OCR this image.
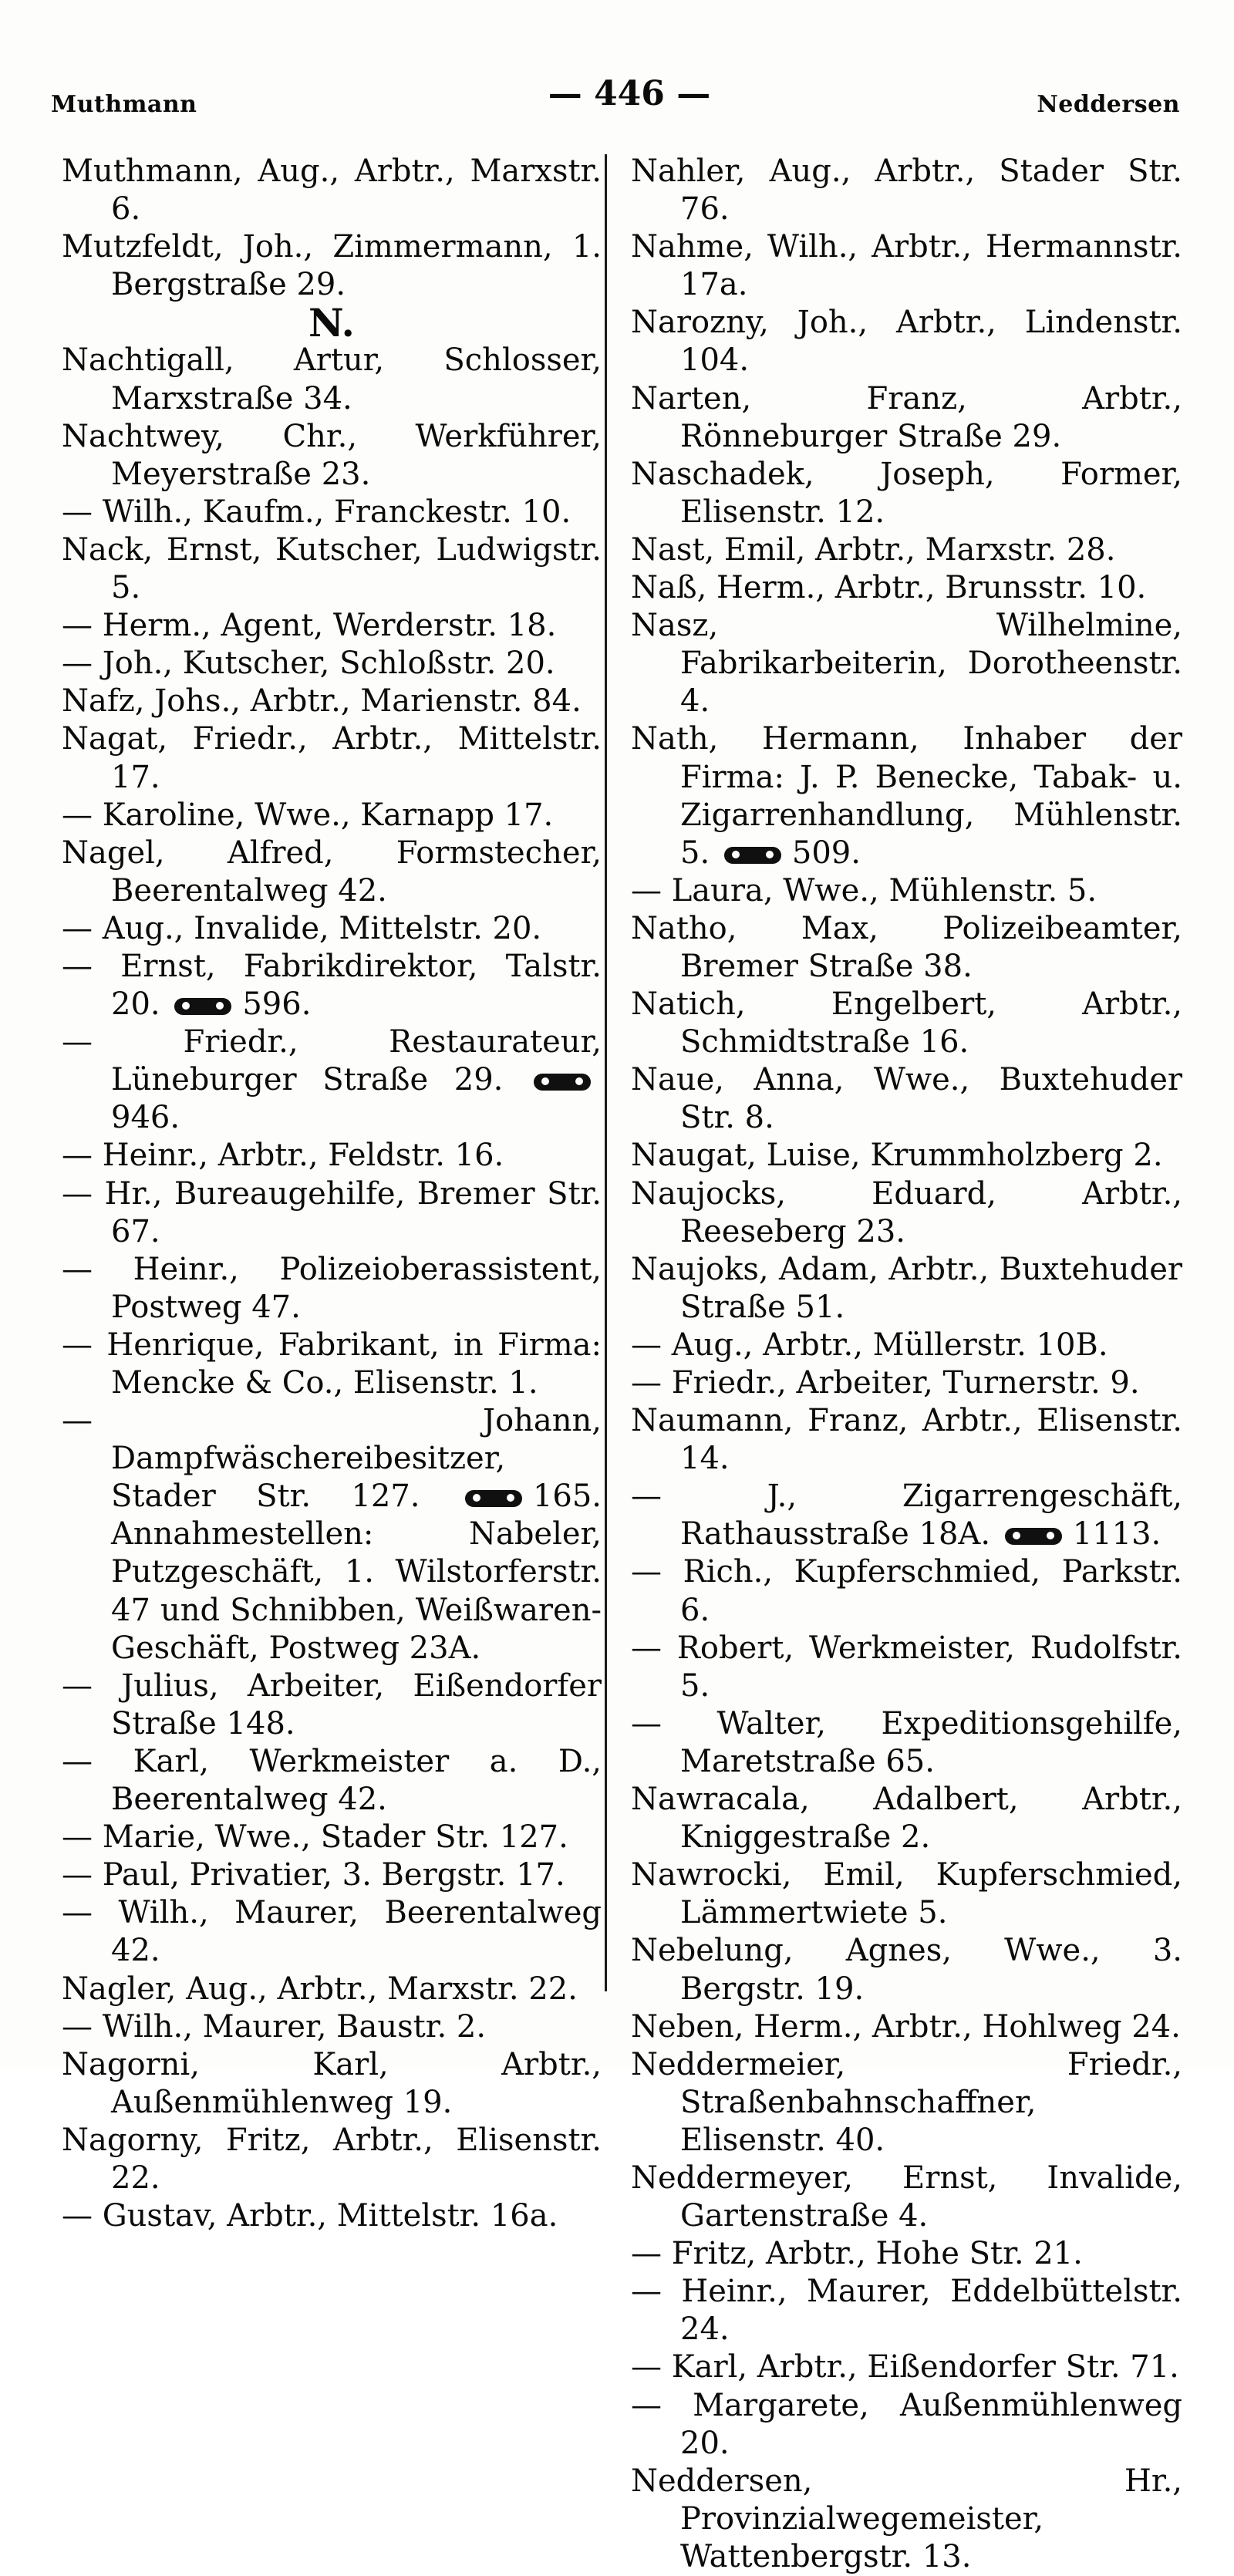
Muthmann	— 446 —	Neddersen
Muthmann, Aug., Arbtr., Marxstr. 6.
Mutzfeldt, Joh., Zimmermann, 1. Bergstraße 29.
N.
Nachtigall, Artur, Schlosser, Marxstraße 34.
Nachtwey, Chr., Werkführer, Meyerstraße 23.
— Wilh., Kaufm., Franckestr. 10.
Nack, Ernst, Kutscher, Ludwigstr. 5.
— Herm., Agent, Werderstr. 18.
— Joh., Kutscher, Schloßstr. 20.
Nafz, Johs., Arbtr., Marienstr. 84.
Nagat, Friedr., Arbtr., Mittelstr. 17.
— Karoline, Wwe., Karnapp 17.
Nagel, Alfred, Formstecher, Beerentalweg 42.
— Aug., Invalide, Mittelstr. 20.
— Ernst, Fabrikdirektor, Talstr. 20.	596.
— Friedr., Restaurateur, Lüneburger Straße 29. 946.
— Heinr., Arbtr., Feldstr. 16.
— Hr., Bureaugehilfe, Bremer Str. 67.
— Heinr., Polizeioberassistent, Postweg 47.
— Henrique, Fabrikant, in Firma: Mencke & Co., Elisenstr. 1.
— Johann, Dampfwäschereibesitzer, Stader Str. 127.	165. Annahmestellen: Nabeler, Putzgeschäft, 1. Wilstorferstr. 47 und Schnibben, Weißwaren-Geschäft, Postweg 23A.
— Julius, Arbeiter, Eißendorfer Straße 148.
— Karl, Werkmeister a. D., Beerentalweg 42.
— Marie, Wwe., Stader Str. 127.
— Paul, Privatier, 3. Bergstr. 17.
— Wilh., Maurer, Beerentalweg 42.
Nagler, Aug., Arbtr., Marxstr. 22.
— Wilh., Maurer, Baustr. 2.
Nagorni, Karl, Arbtr., Außenmühlenweg 19.
Nagorny, Fritz, Arbtr., Elisenstr. 22.
— Gustav, Arbtr., Mittelstr. 16a.
Nahler, Aug., Arbtr., Stader Str. 76.
Nahme, Wilh., Arbtr., Hermannstr. 17a.
Narozny, Joh., Arbtr., Lindenstr. 104.
Narten, Franz, Arbtr., Rönneburger Straße 29.
Naschadek, Joseph, Former, Elisenstr. 12.
Nast, Emil, Arbtr., Marxstr. 28.
Naß, Herm., Arbtr., Brunsstr. 10.
Nasz, Wilhelmine, Fabrikarbeiterin, Dorotheenstr. 4.
Nath, Hermann, Inhaber der Firma: J. P. Benecke, Tabak- u. Zigarrenhandlung, Mühlenstr. 5.	509.
— Laura, Wwe., Mühlenstr. 5.
Natho, Max, Polizeibeamter, Bremer Straße 38.
Natich, Engelbert, Arbtr., Schmidtstraße 16.
Naue, Anna, Wwe., Buxtehuder Str. 8.
Naugat, Luise, Krummholzberg 2.
Naujocks, Eduard, Arbtr., Reeseberg 23.
Naujoks, Adam, Arbtr., Buxtehuder Straße 51.
— Aug., Arbtr., Müllerstr. 10B.
— Friedr., Arbeiter, Turnerstr. 9.
Naumann, Franz, Arbtr., Elisenstr. 14.
— J., Zigarrengeschäft, Rathausstraße 18A.	1113.
— Rich., Kupferschmied, Parkstr. 6.
— Robert, Werkmeister, Rudolfstr. 5.
— Walter, Expeditionsgehilfe, Maretstraße 65.
Nawracala, Adalbert, Arbtr., Kniggestraße 2.
Nawrocki, Emil, Kupferschmied, Lämmertwiete 5.
Nebelung, Agnes, Wwe., 3. Bergstr. 19.
Neben, Herm., Arbtr., Hohlweg 24.
Neddermeier, Friedr., Straßenbahnschaffner, Elisenstr. 40.
Neddermeyer, Ernst, Invalide, Gartenstraße 4.
— Fritz, Arbtr., Hohe Str. 21.
— Heinr., Maurer, Eddelbüttelstr. 24.
— Karl, Arbtr., Eißendorfer Str. 71.
— Margarete, Außenmühlenweg 20.
Neddersen, Hr., Provinzialwegemeister, Wattenbergstr. 13.
